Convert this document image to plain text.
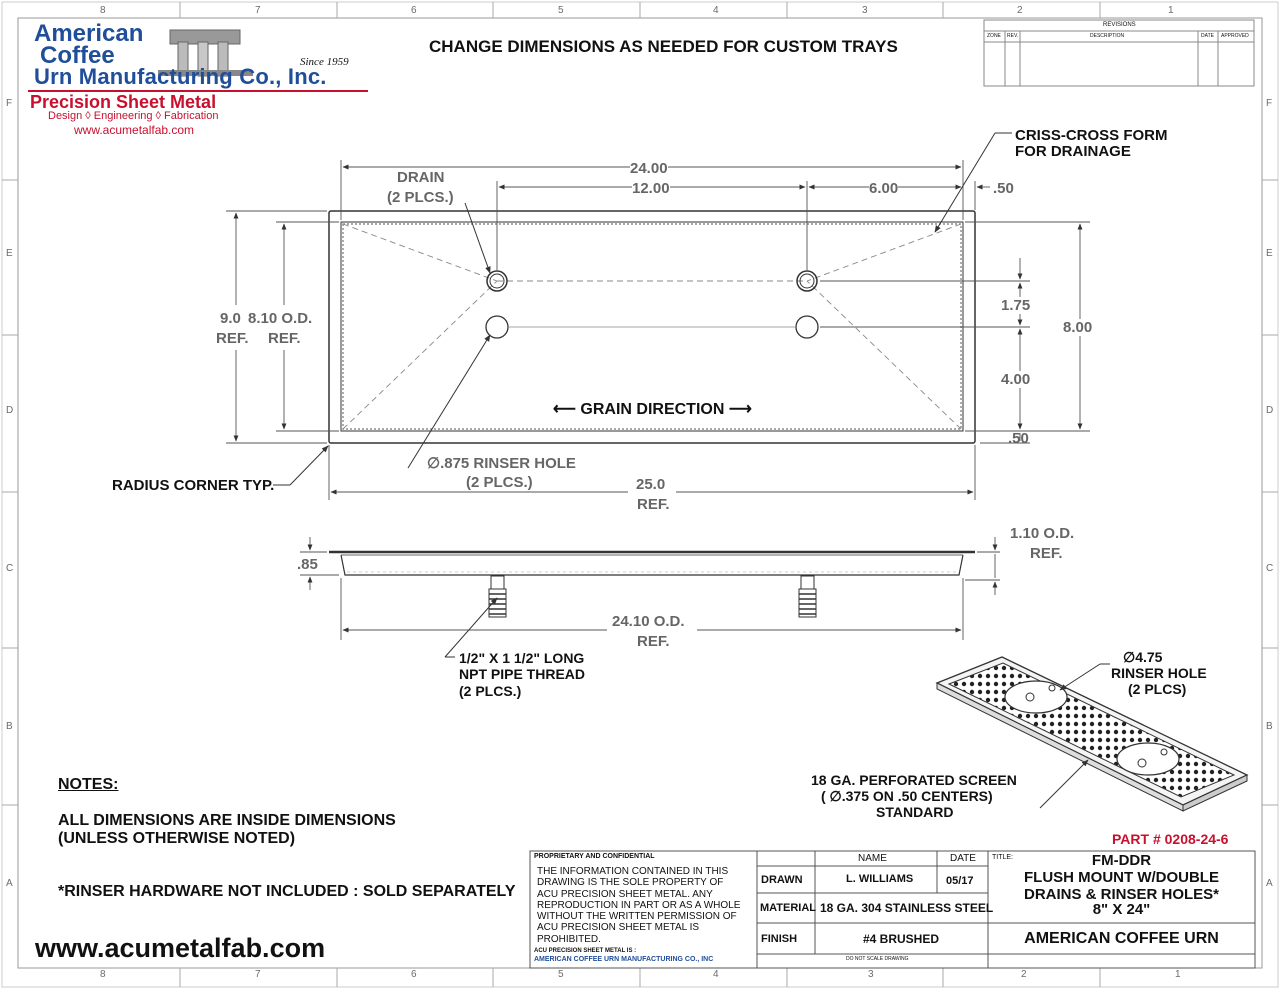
8	7	6	5	4	3	2	1
8	7	6	5	4	3	2	1
F
E
D
C
B
A
F
E
D
C
B
A
American
Coffee
Urn Manufacturing Co., Inc.
Since 1959
Precision Sheet Metal
Design ◊ Engineering ◊ Fabrication
www.acumetalfab.com
CHANGE DIMENSIONS AS NEEDED FOR CUSTOM TRAYS
REVISIONS
ZONE REV.	DESCRIPTION	DATE APPROVED
DRAIN
(2 PLCS.)
CRISS-CROSS FORM
FOR DRAINAGE
24.00
12.00	6.00	.50
1.75
8.00
4.00
.50
9.0
REF.
8.10 O.D.
REF.
⟵ GRAIN DIRECTION ⟶
∅.875 RINSER HOLE
(2 PLCS.)	25.0
REF.
RADIUS CORNER TYP.
.85
1.10 O.D.
REF.
24.10 O.D.
REF.
1/2" X 1 1/2" LONG
NPT PIPE THREAD
(2 PLCS.)
∅4.75
RINSER HOLE
(2 PLCS)
18 GA. PERFORATED SCREEN
( ∅.375 ON .50 CENTERS)
STANDARD
NOTES:
ALL DIMENSIONS ARE INSIDE DIMENSIONS
(UNLESS OTHERWISE NOTED)
*RINSER HARDWARE NOT INCLUDED : SOLD SEPARATELY
www.acumetalfab.com
PART # 0208-24-6
PROPRIETARY AND CONFIDENTIAL
THE INFORMATION CONTAINED IN THIS
DRAWING IS THE SOLE PROPERTY OF
ACU PRECISION SHEET METAL. ANY
REPRODUCTION IN PART OR AS A WHOLE
WITHOUT THE WRITTEN PERMISSION OF
ACU PRECISION SHEET METAL IS
PROHIBITED.
ACU PRECISION SHEET METAL IS :
AMERICAN COFFEE URN MANUFACTURING CO., INC
NAME	DATE
DRAWN	L. WILLIAMS	05/17
MATERIAL 18 GA. 304 STAINLESS STEEL
FINISH	#4 BRUSHED
DO NOT SCALE DRAWING
TITLE:	FM-DDR
FLUSH MOUNT W/DOUBLE
DRAINS & RINSER HOLES*
8" X 24"
AMERICAN COFFEE URN
